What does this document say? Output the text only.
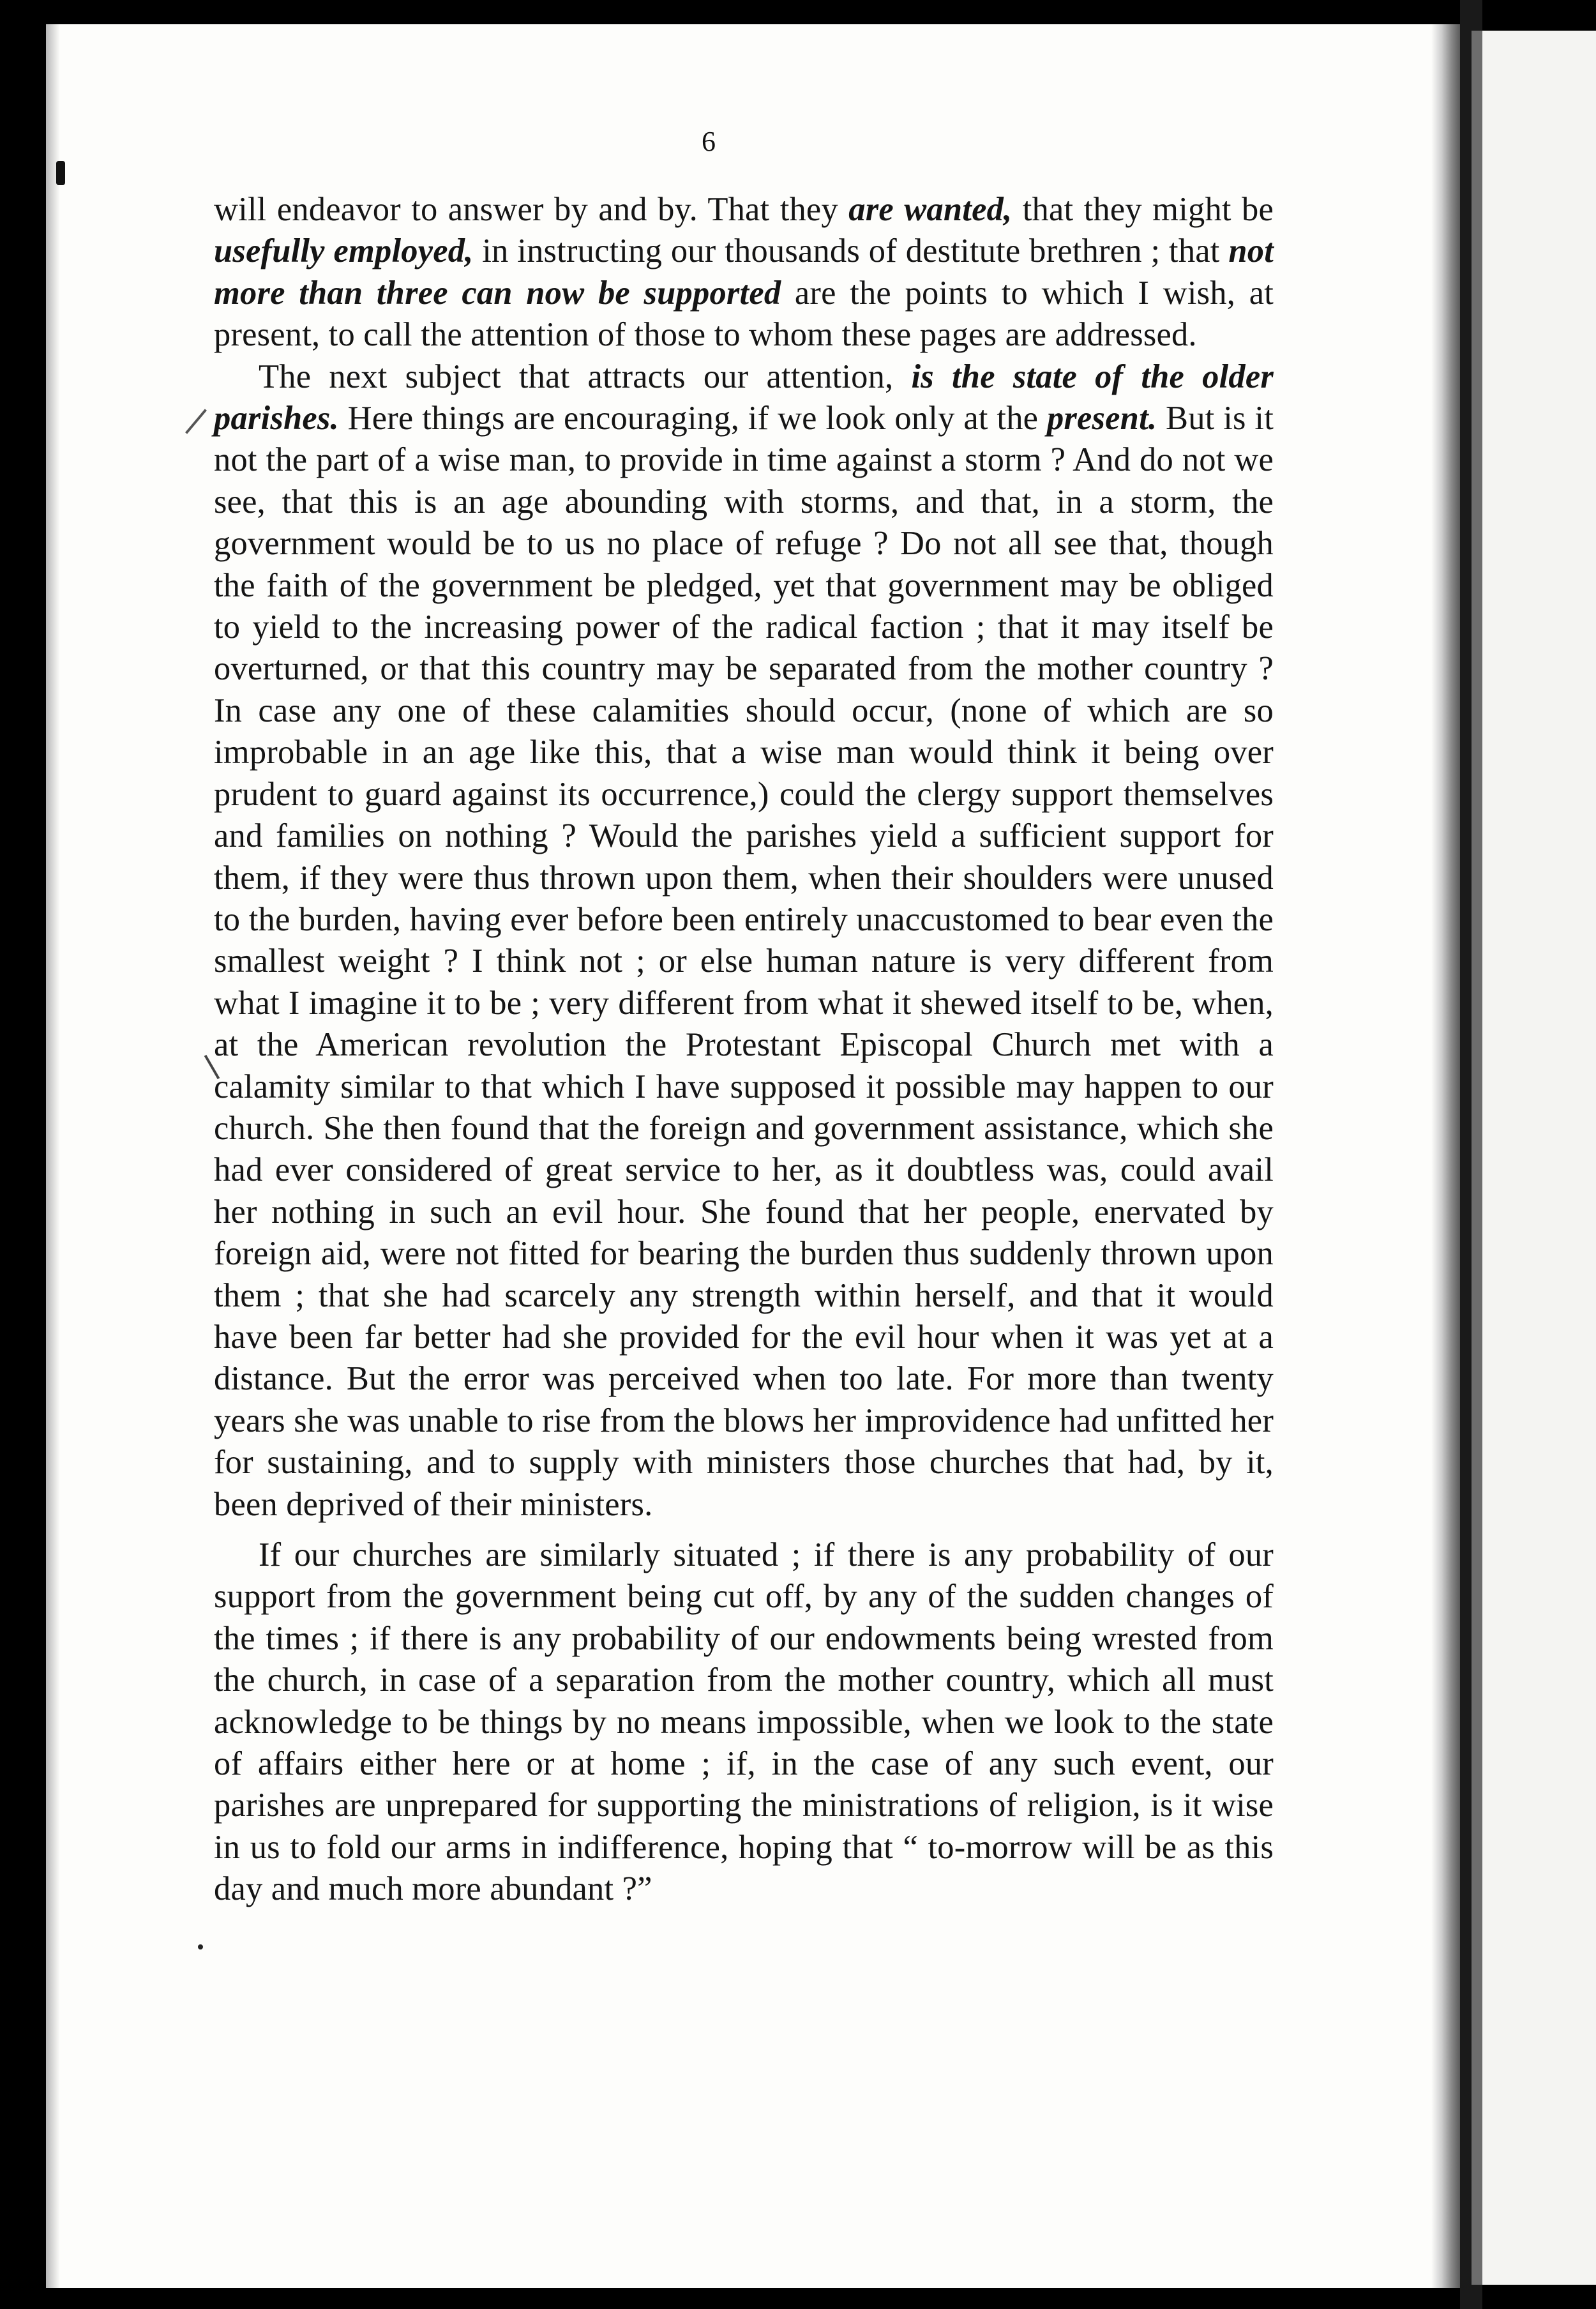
6

will endeavor to answer by and by. That they are wanted, that they might be usefully employed, in instructing our thousands of destitute brethren ; that not more than three can now be supported are the points to which I wish, at present, to call the attention of those to whom these pages are addressed.

The next subject that attracts our attention, is the state of the older parishes. Here things are encouraging, if we look only at the present. But is it not the part of a wise man, to provide in time against a storm ? And do not we see, that this is an age abounding with storms, and that, in a storm, the government would be to us no place of refuge ? Do not all see that, though the faith of the government be pledged, yet that government may be obliged to yield to the increasing power of the radical faction ; that it may itself be overturned, or that this country may be separated from the mother country ? In case any one of these calamities should occur, (none of which are so improbable in an age like this, that a wise man would think it being over prudent to guard against its occurrence,) could the clergy support themselves and families on nothing ? Would the parishes yield a sufficient support for them, if they were thus thrown upon them, when their shoulders were unused to the burden, having ever before been entirely unaccustomed to bear even the smallest weight ? I think not ; or else human nature is very different from what I imagine it to be ; very different from what it shewed itself to be, when, at the American revolution the Protestant Episcopal Church met with a calamity similar to that which I have supposed it possible may happen to our church. She then found that the foreign and government assistance, which she had ever considered of great service to her, as it doubtless was, could avail her nothing in such an evil hour. She found that her people, enervated by foreign aid, were not fitted for bearing the burden thus suddenly thrown upon them ; that she had scarcely any strength within herself, and that it would have been far better had she provided for the evil hour when it was yet at a distance. But the error was perceived when too late. For more than twenty years she was unable to rise from the blows her improvidence had unfitted her for sustaining, and to supply with ministers those churches that had, by it, been deprived of their ministers.

If our churches are similarly situated ; if there is any probability of our support from the government being cut off, by any of the sudden changes of the times ; if there is any probability of our endowments being wrested from the church, in case of a separation from the mother country, which all must acknowledge to be things by no means impossible, when we look to the state of affairs either here or at home ; if, in the case of any such event, our parishes are unprepared for supporting the ministrations of religion, is it wise in us to fold our arms in indifference, hoping that “ to-morrow will be as this day and much more abundant ?”
